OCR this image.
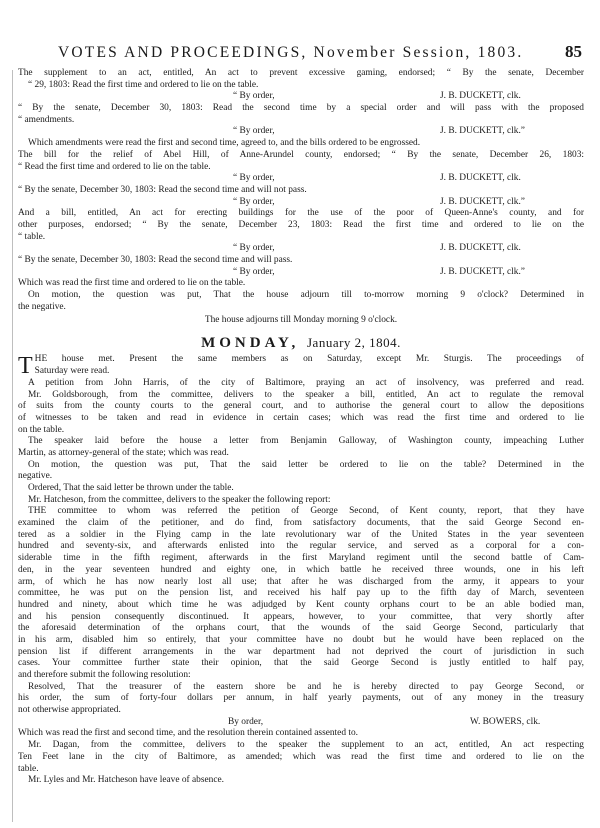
VOTES AND PROCEEDINGS, November Session, 1803. 85
The supplement to an act, entitled, An act to prevent excessive gaming, endorsed; “ By the senate, December
“ 29, 1803: Read the first time and ordered to lie on the table.
“ By order,	J. B. DUCKETT, clk.
“ By the senate, December 30, 1803: Read the second time by a special order and will pass with the proposed
“ amendments.
“ By order,	J. B. DUCKETT, clk.”
Which amendments were read the first and second time, agreed to, and the bills ordered to be engrossed.
The bill for the relief of Abel Hill, of Anne-Arundel county, endorsed; “ By the senate, December 26, 1803:
“ Read the first time and ordered to lie on the table.
“ By order,	J. B. DUCKETT, clk.
“ By the senate, December 30, 1803: Read the second time and will not pass.
“ By order,	J. B. DUCKETT, clk.”
And a bill, entitled, An act for erecting buildings for the use of the poor of Queen-Anne's county, and for
other purposes, endorsed; “ By the senate, December 23, 1803: Read the first time and ordered to lie on the
“ table.
“ By order,	J. B. DUCKETT, clk.
“ By the senate, December 30, 1803: Read the second time and will pass.
“ By order,	J. B. DUCKETT, clk.”
Which was read the first time and ordered to lie on the table.
On motion, the question was put, That the house adjourn till to-morrow morning 9 o'clock? Determined in
the negative.
The house adjourns till Monday morning 9 o'clock.
MONDAY, January 2, 1804.
T HE house met. Present the same members as on Saturday, except Mr. Sturgis. The proceedings of
Saturday were read.
A petition from John Harris, of the city of Baltimore, praying an act of insolvency, was preferred and read.
Mr. Goldsborough, from the committee, delivers to the speaker a bill, entitled, An act to regulate the removal
of suits from the county courts to the general court, and to authorise the general court to allow the depositions
of witnesses to be taken and read in evidence in certain cases; which was read the first time and ordered to lie
on the table.
The speaker laid before the house a letter from Benjamin Galloway, of Washington county, impeaching Luther
Martin, as attorney-general of the state; which was read.
On motion, the question was put, That the said letter be ordered to lie on the table? Determined in the
negative.
Ordered, That the said letter be thrown under the table.
Mr. Hatcheson, from the committee, delivers to the speaker the following report:
THE committee to whom was referred the petition of George Second, of Kent county, report, that they have
examined the claim of the petitioner, and do find, from satisfactory documents, that the said George Second en-
tered as a soldier in the Flying camp in the late revolutionary war of the United States in the year seventeen
hundred and seventy-six, and afterwards enlisted into the regular service, and served as a corporal for a con-
siderable time in the fifth regiment, afterwards in the first Maryland regiment until the second battle of Cam-
den, in the year seventeen hundred and eighty one, in which battle he received three wounds, one in his left
arm, of which he has now nearly lost all use; that after he was discharged from the army, it appears to your
committee, he was put on the pension list, and received his half pay up to the fifth day of March, seventeen
hundred and ninety, about which time he was adjudged by Kent county orphans court to be an able bodied man,
and his pension consequently discontinued. It appears, however, to your committee, that very shortly after
the aforesaid determination of the orphans court, that the wounds of the said George Second, particularly that
in his arm, disabled him so entirely, that your committee have no doubt but he would have been replaced on the
pension list if different arrangements in the war department had not deprived the court of jurisdiction in such
cases. Your committee further state their opinion, that the said George Second is justly entitled to half pay,
and therefore submit the following resolution:
Resolved, That the treasurer of the eastern shore be and he is hereby directed to pay George Second, or
his order, the sum of forty-four dollars per annum, in half yearly payments, out of any money in the treasury
not otherwise appropriated.
By order,	W. BOWERS, clk.
Which was read the first and second time, and the resolution therein contained assented to.
Mr. Dagan, from the committee, delivers to the speaker the supplement to an act, entitled, An act respecting
Ten Feet lane in the city of Baltimore, as amended; which was read the first time and ordered to lie on the
table.
Mr. Lyles and Mr. Hatcheson have leave of absence.
